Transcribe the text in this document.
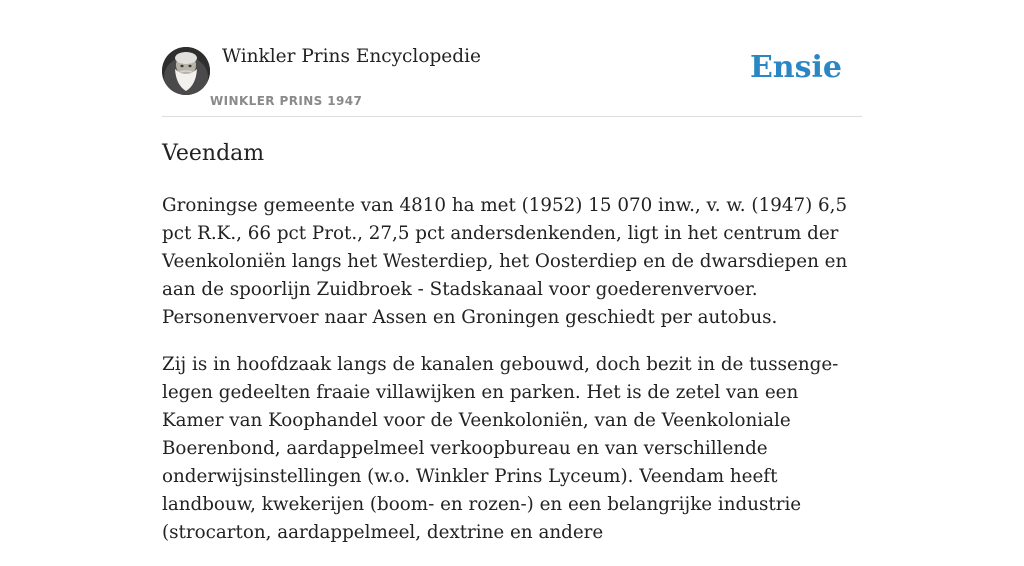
Winkler Prins Encyclopedie
WINKLER PRINS 1947
Ensie
Veendam

Groningse gemeente van 4810 ha met (1952) 15 070 inw., v. w. (1947) 6,5 pct R.K., 66 pct Prot., 27,5 pct andersdenkenden, ligt in het centrum der Veenkoloniën langs het Westerdiep, het Oosterdiep en de dwarsdiepen en aan de spoorlijn Zuidbroek - Stadskanaal voor goederenvervoer. Personenvervoer naar Assen en Groningen geschiedt per autobus.

Zij is in hoofdzaak langs de kanalen gebouwd, doch bezit in de tussenge-legen gedeelten fraaie villawijken en parken. Het is de zetel van een Kamer van Koophandel voor de Veenkoloniën, van de Veenkoloniale Boerenbond, aardappelmeel verkoopbureau en van verschillende onderwijsinstellingen (w.o. Winkler Prins Lyceum). Veendam heeft landbouw, kwekerijen (boom- en rozen-) en een belangrijke industrie (strocarton, aardappelmeel, dextrine en andere
